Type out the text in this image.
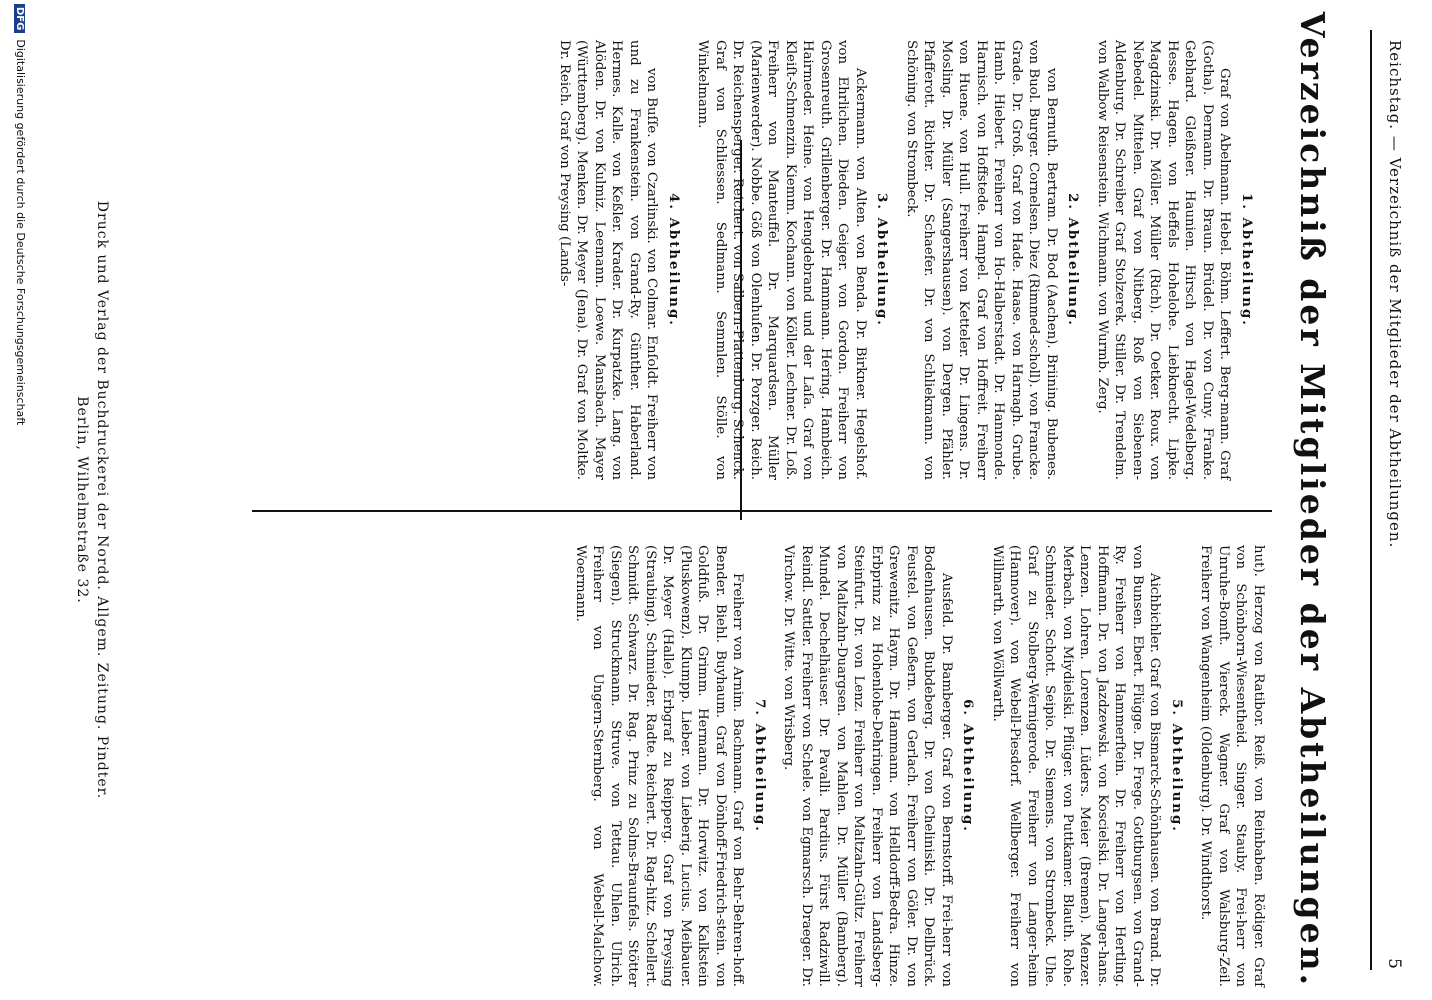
Reichstag. — Verzeichniß der Mitglieder der Abtheilungen.
5
Verzeichniß der Mitglieder der Abtheilungen.
1. Abtheilung.

Graf von Abelmann. Hebel. Böhm. Leffert. Berg-mann. Graf (Gotha). Dermann. Dr. Braun. Brüdel. Dr. von Cuny. Franke. Gebhard. Gleißner. Haunien. Hirsch von Hagel-Wedelberg. Hesse. Hagen. von Heffels Hohelohe. Liebknecht. Lipke. Magdzinski. Dr. Möller. Müller (Rich). Dr. Oetker. Roux. von Nebedel. Mittelen. Graf von Nitberg. Roß von Siebenen-Aldenburg. Dr. Schreiber Graf Stolzerek. Stiller. Dr. Trendelm. von Walbow Reisenstein. Wichmann. von Wurmb. Zerg.

2. Abtheilung.

von Bernuth. Bertram. Dr. Bod (Aachen). Briining. Bubenes. von Buol. Burger. Cornelsen. Diez (Rimmed-scholl). von Francke. Grade. Dr. Groß. Graf von Hade. Haase. von Harnagh. Grube. Hamb. Hiebert. Freiherr von Ho-Halberstadt. Dr. Hanmonde. Harnisch. von Hoffstede. Hampel. Graf von Hoffreit. Freiherr von Huene. von Hull. Freiherr von Ketteler. Dr. Lingens. Dr. Mosling. Dr. Müller (Sangershausen). von Dergen. Pfähler. Pfafferott. Richter. Dr. Schaefer. Dr. von Schliekmann. von Schöning. von Strombeck.

3. Abtheilung.

Ackermann. von Alten. von Benda. Dr. Birkner. Hegelshof. von Ehrlichen. Dieden. Geiger. von Gordon. Freiherr von Grosenreuth. Grillenberger. Dr. Hammann. Hering. Hambeich. Hairmeder. Heine. von Hengdebrand und der Laſa. Graf von Kleiſt-Schmenzin. Kiemm. Kochann. von Köller. Lechner. Dr. Loß. Freiherr von Manteuffel. Dr. Marquardsen. Müller (Marienwerder). Nobbe. Göß von Olenhuſen. Dr. Porzger. Reich. Dr. Reichensperger. Reichert. von Salbern-Plattenburg. Schenck. Graf von Schliessen. Sedlmann. Semmlen. Stölle. von Winkelmann.

4. Abtheilung.

von Buſſe. von Czarlinski. von Colmar. Enſoldt. Freiherr von und zu Frankenstein. von Grand-Ry. Günther. Haberland. Hermes. Kalle. von Keßler. Krader. Dr. Kurpatzke. Lang. von Alöden. Dr. von Kulmiz. Leemann. Loewe. Mansbach. Mayer (Württemberg). Menken. Dr. Meyer (Jena). Dr. Graf von Moltke. Dr. Reich. Graf von Preysing (Lands-

hut). Herzog von Ratibor. Reiß. von Reinbaben. Rödiger. Graf von Schönborn-Wiesentheid. Singer. Stauby. Frei-herr von Unruhe-Bomſt. Viereck. Wagner. Graf von Walsburg-Zeil. Freiherr von Wangenheim (Oldenburg). Dr. Windthorst.

5. Abtheilung.

Aichbichler. Graf von Bismarck-Schönhausen. von Brand. Dr. von Bunsen. Ebert. Flügge. Dr. Frege. Gottburgsen. von Grand-Ry. Freiherr von Hammerſtein. Dr. Freiherr von Hertling. Hoffmann. Dr. von Jazdzewski. von Koscielski. Dr. Langer-hans. Lenzen. Lohren. Lorenzen. Lüders. Meier (Bremen). Menzer. Merbach. von Miydielski. Pflüger. von Puttkamer. Blauth. Rohe. Schmieder. Schott. Seipio. Dr. Siemens. von Strombeck. Uhe. Graf zu Stolberg-Wernigerode. Freiherr von Langer-heim (Hannover). von Webell-Piesdorf. Wellberger. Freiherr von Willmarth. von Wöllwarth.

6. Abtheilung.

Ausfeld. Dr. Bamberger. Graf von Bernstorff. Frei-herr von Bodenhausen. Bubdeberg. Dr. von Cheliniski. Dr. Dellbrück. Feustel. von Geßern. von Gerlach. Freiherr von Göler. Dr. von Grewenitz. Haym. Dr. Hammann. von Helldorff-Bedra. Hinze. Erbprinz zu Hohenlohe-Dehringen. Freiherr von Landsberg-Steinfurt. Dr. von Lenz. Freiherr von Maltzahn-Gültz. Freiherr von Maltzahn-Duargsen. von Mahlen. Dr. Müller (Bamberg). Mundel. Dechelhäuser. Dr. Pavalli. Pardius. Fürst Radziwill. Reindl. Sattler. Freiherr von Schele. von Egmarsch. Draeger. Dr. Virchow. Dr. Witte. von Wrisberg.

7. Abtheilung.

Freiherr von Arnim. Bachmann. Graf von Behr-Behren-hoff. Bender. Biehl. Buyhaum. Graf von Dönhoff-Friedrich-stein. von Goldfuß. Dr. Grimm. Hermann. Dr. Horwitz. von Kalkstein (Pluskowenz). Klumpp. Lieber. von Lieberig. Lucius. Meibauer. Dr. Meyer (Halle). Erbgraf zu Reipperg. Graf von Preysing (Straubing). Schmieder. Radte. Reichert. Dr. Rag-hitz. Schellert. Schmidt. Schwarz. Dr. Rag. Prinz zu Solms-Braunfels. Stötter (Siegen). Struckmann. Struve. von Tettau. Uhlen. Ulrich. Freiherr von Ungern-Sternberg. von Webell-Malchow. Woermann.

Druck und Verlag der Buchdruckerei der Nordd. Allgem. Zeitung. Pindter.
Berlin, Wilhelmstraße 32.
DFGDigitalisierung gefördert durch die Deutsche Forschungsgemeinschaft
